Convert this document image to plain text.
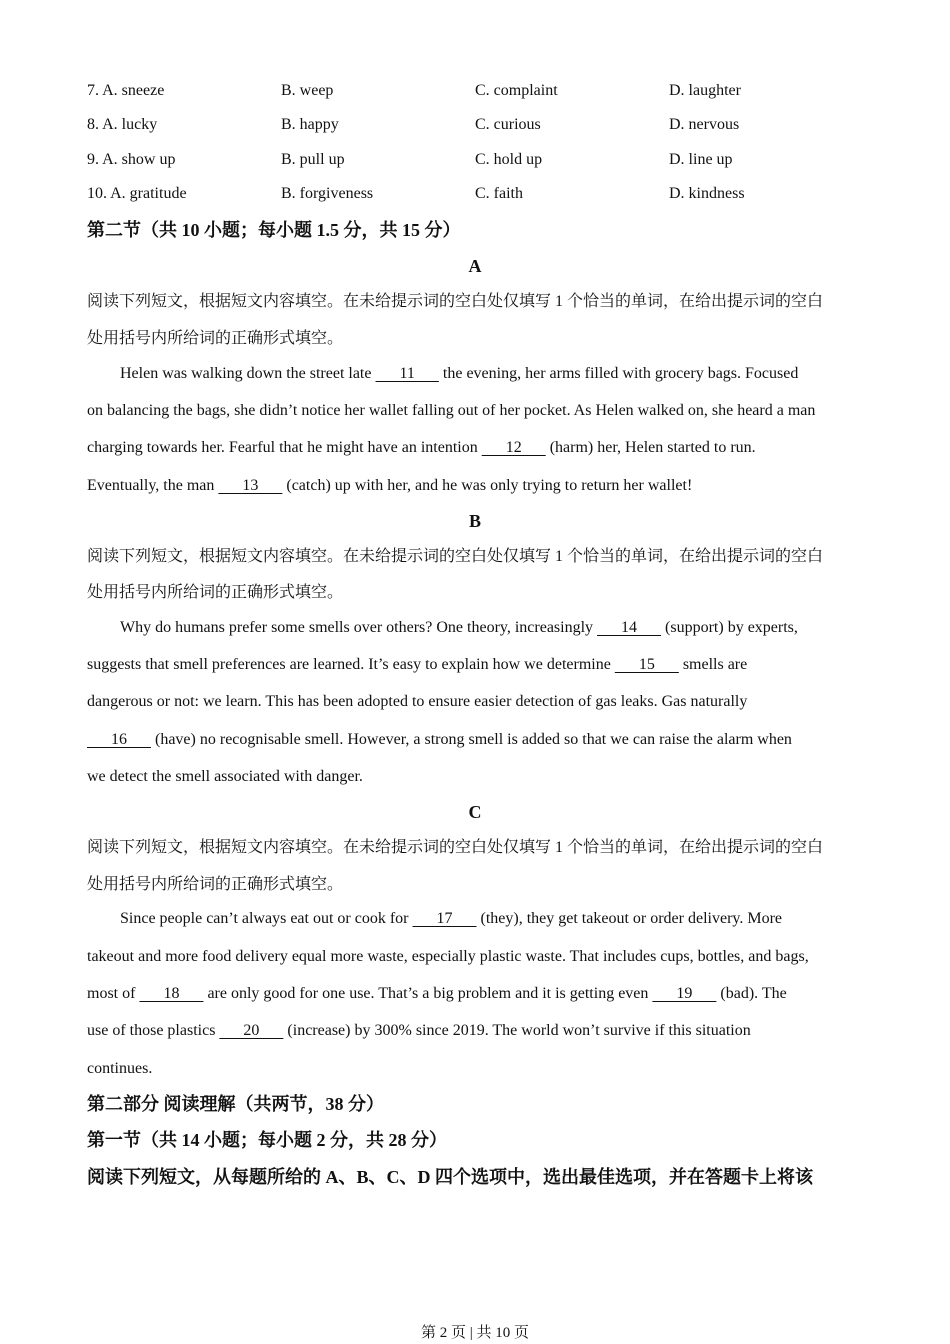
7. A. sneeze	B. weep	C. complaint	D. laughter
8. A. lucky	B. happy	C. curious	D. nervous
9. A. show up	B. pull up	C. hold up	D. line up
10. A. gratitude	B. forgiveness	C. faith	D. kindness
第二节（共 10 小题；每小题 1.5 分，共 15 分）
A
阅读下列短文，根据短文内容填空。在未给提示词的空白处仅填写 1 个恰当的单词，在给出提示词的空白
处用括号内所给词的正确形式填空。
Helen was walking down the street late       11       the evening, her arms filled with grocery bags. Focused
on balancing the bags, she didn’t notice her wallet falling out of her pocket. As Helen walked on, she heard a man
charging towards her. Fearful that he might have an intention       12       (harm) her, Helen started to run.
Eventually, the man       13       (catch) up with her, and he was only trying to return her wallet!
B
阅读下列短文，根据短文内容填空。在未给提示词的空白处仅填写 1 个恰当的单词，在给出提示词的空白
处用括号内所给词的正确形式填空。
Why do humans prefer some smells over others? One theory, increasingly       14       (support) by experts,
suggests that smell preferences are learned. It’s easy to explain how we determine       15       smells are
dangerous or not: we learn. This has been adopted to ensure easier detection of gas leaks. Gas naturally
16       (have) no recognisable smell. However, a strong smell is added so that we can raise the alarm when
we detect the smell associated with danger.
C
阅读下列短文，根据短文内容填空。在未给提示词的空白处仅填写 1 个恰当的单词，在给出提示词的空白
处用括号内所给词的正确形式填空。
Since people can’t always eat out or cook for       17       (they), they get takeout or order delivery. More
takeout and more food delivery equal more waste, especially plastic waste. That includes cups, bottles, and bags,
most of       18       are only good for one use. That’s a big problem and it is getting even       19       (bad). The
use of those plastics       20       (increase) by 300% since 2019. The world won’t survive if this situation
continues.
第二部分 阅读理解（共两节，38 分）
第一节（共 14 小题；每小题 2 分，共 28 分）
阅读下列短文，从每题所给的 A、B、C、D 四个选项中，选出最佳选项，并在答题卡上将该
第 2 页 | 共 10 页
